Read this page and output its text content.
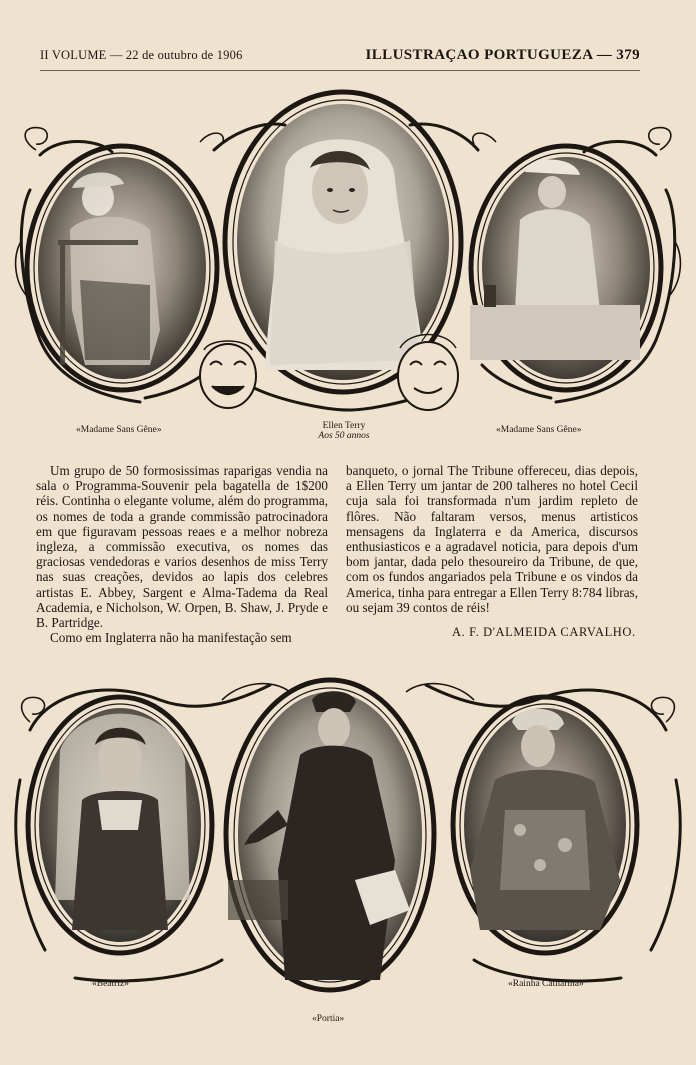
II VOLUME — 22 de outubro de 1906	ILLUSTRAÇAO PORTUGUEZA — 379
«Madame Sans Gêne»	Ellen Terry
Aos 50 annos
«Madame Sans Gêne»

Um grupo de 50 formosissimas raparigas vendia na sala o Programma-Souvenir pela bagatella de 1$200 réis. Continha o elegante volume, além do programma, os nomes de toda a grande commissão patrocinadora em que figuravam pessoas reaes e a melhor nobreza ingleza, a commissão executiva, os nomes das graciosas vendedoras e varios desenhos de miss Terry nas suas creações, devidos ao lapis dos celebres artistas E. Abbey, Sargent e Alma-Tadema da Real Academia, e Nicholson, W. Orpen, B. Shaw, J. Pryde e B. Partridge.

Como em Inglaterra não ha manifestação sem

banqueto, o jornal The Tribune offereceu, dias depois, a Ellen Terry um jantar de 200 talheres no hotel Cecil cuja sala foi transformada n'um jardim repleto de flôres. Não faltaram versos, menus artisticos mensagens da Inglaterra e da America, discursos enthusiasticos e a agradavel noticia, para depois d'um bom jantar, dada pelo thesoureiro da Tribune, de que, com os fundos angariados pela Tribune e os vindos da America, tinha para entregar a Ellen Terry 8:784 libras, ou sejam 39 contos de réis!

A. F. D'ALMEIDA CARVALHO.
«Beatriz»
«Portia»
«Rainha Catharina»
